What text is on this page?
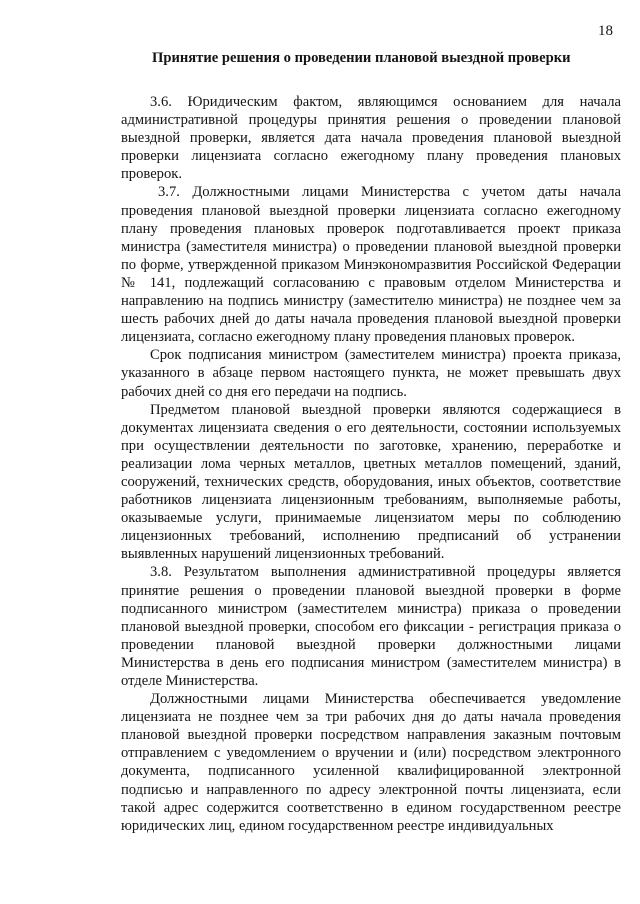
18
Принятие решения о проведении плановой выездной проверки

3.6. Юридическим фактом, являющимся основанием для начала административной процедуры принятия решения о проведении плановой выездной проверки, является дата начала проведения плановой выездной проверки лицензиата согласно ежегодному плану проведения плановых проверок.

3.7. Должностными лицами Министерства с учетом даты начала проведения плановой выездной проверки лицензиата согласно ежегодному плану проведения плановых проверок подготавливается проект приказа министра (заместителя министра) о проведении плановой выездной проверки по форме, утвержденной приказом Минэкономразвития Российской Федерации № 141, подлежащий согласованию с правовым отделом Министерства и направлению на подпись министру (заместителю министра) не позднее чем за шесть рабочих дней до даты начала проведения плановой выездной проверки лицензиата, согласно ежегодному плану проведения плановых проверок.

Срок подписания министром (заместителем министра) проекта приказа, указанного в абзаце первом настоящего пункта, не может превышать двух рабочих дней со дня его передачи на подпись.

Предметом плановой выездной проверки являются содержащиеся в документах лицензиата сведения о его деятельности, состоянии используемых при осуществлении деятельности по заготовке, хранению, переработке и реализации лома черных металлов, цветных металлов помещений, зданий, сооружений, технических средств, оборудования, иных объектов, соответствие работников лицензиата лицензионным требованиям, выполняемые работы, оказываемые услуги, принимаемые лицензиатом меры по соблюдению лицензионных требований, исполнению предписаний об устранении выявленных нарушений лицензионных требований.

3.8. Результатом выполнения административной процедуры является принятие решения о проведении плановой выездной проверки в форме подписанного министром (заместителем министра) приказа о проведении плановой выездной проверки, способом его фиксации - регистрация приказа о проведении плановой выездной проверки должностными лицами Министерства в день его подписания министром (заместителем министра) в отделе Министерства.

Должностными лицами Министерства обеспечивается уведомление лицензиата не позднее чем за три рабочих дня до даты начала проведения плановой выездной проверки посредством направления заказным почтовым отправлением с уведомлением о вручении и (или) посредством электронного документа, подписанного усиленной квалифицированной электронной подписью и направленного по адресу электронной почты лицензиата, если такой адрес содержится соответственно в едином государственном реестре юридических лиц, едином государственном реестре индивидуальных
